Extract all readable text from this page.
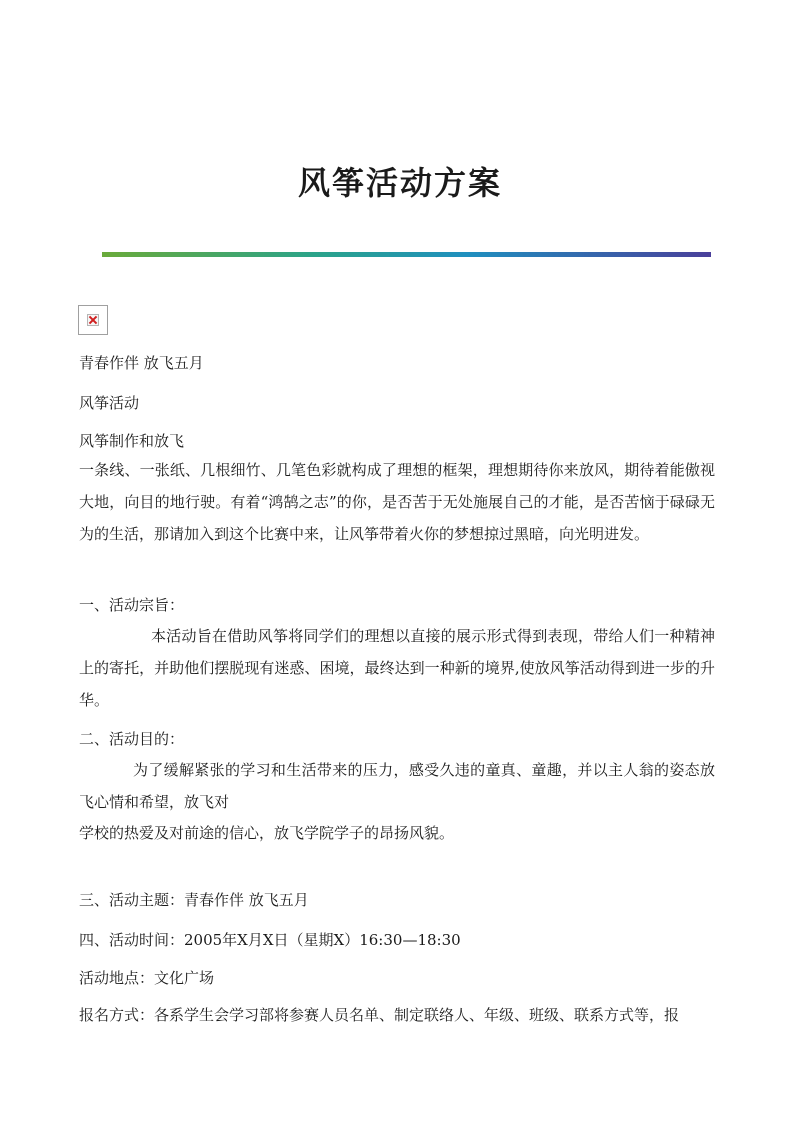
风筝活动方案
青春作伴 放飞五月
风筝活动
风筝制作和放飞
一条线、一张纸、几根细竹、几笔色彩就构成了理想的框架，理想期待你来放风，期待着能傲视大地，向目的地行驶。有着“鸿鹄之志”的你，是否苦于无处施展自己的才能，是否苦恼于碌碌无为的生活，那请加入到这个比赛中来，让风筝带着火你的梦想掠过黑暗，向光明进发。
一、活动宗旨：
本活动旨在借助风筝将同学们的理想以直接的展示形式得到表现，带给人们一种精神上的寄托，并助他们摆脱现有迷惑、困境，最终达到一种新的境界,使放风筝活动得到进一步的升华。
二、活动目的：
为了缓解紧张的学习和生活带来的压力，感受久违的童真、童趣，并以主人翁的姿态放飞心情和希望，放飞对
学校的热爱及对前途的信心，放飞学院学子的昂扬风貌。
三、活动主题：青春作伴 放飞五月
四、活动时间：2005年X月X日（星期X）16:30—18:30
活动地点：文化广场
报名方式：各系学生会学习部将参赛人员名单、制定联络人、年级、班级、联系方式等，报
